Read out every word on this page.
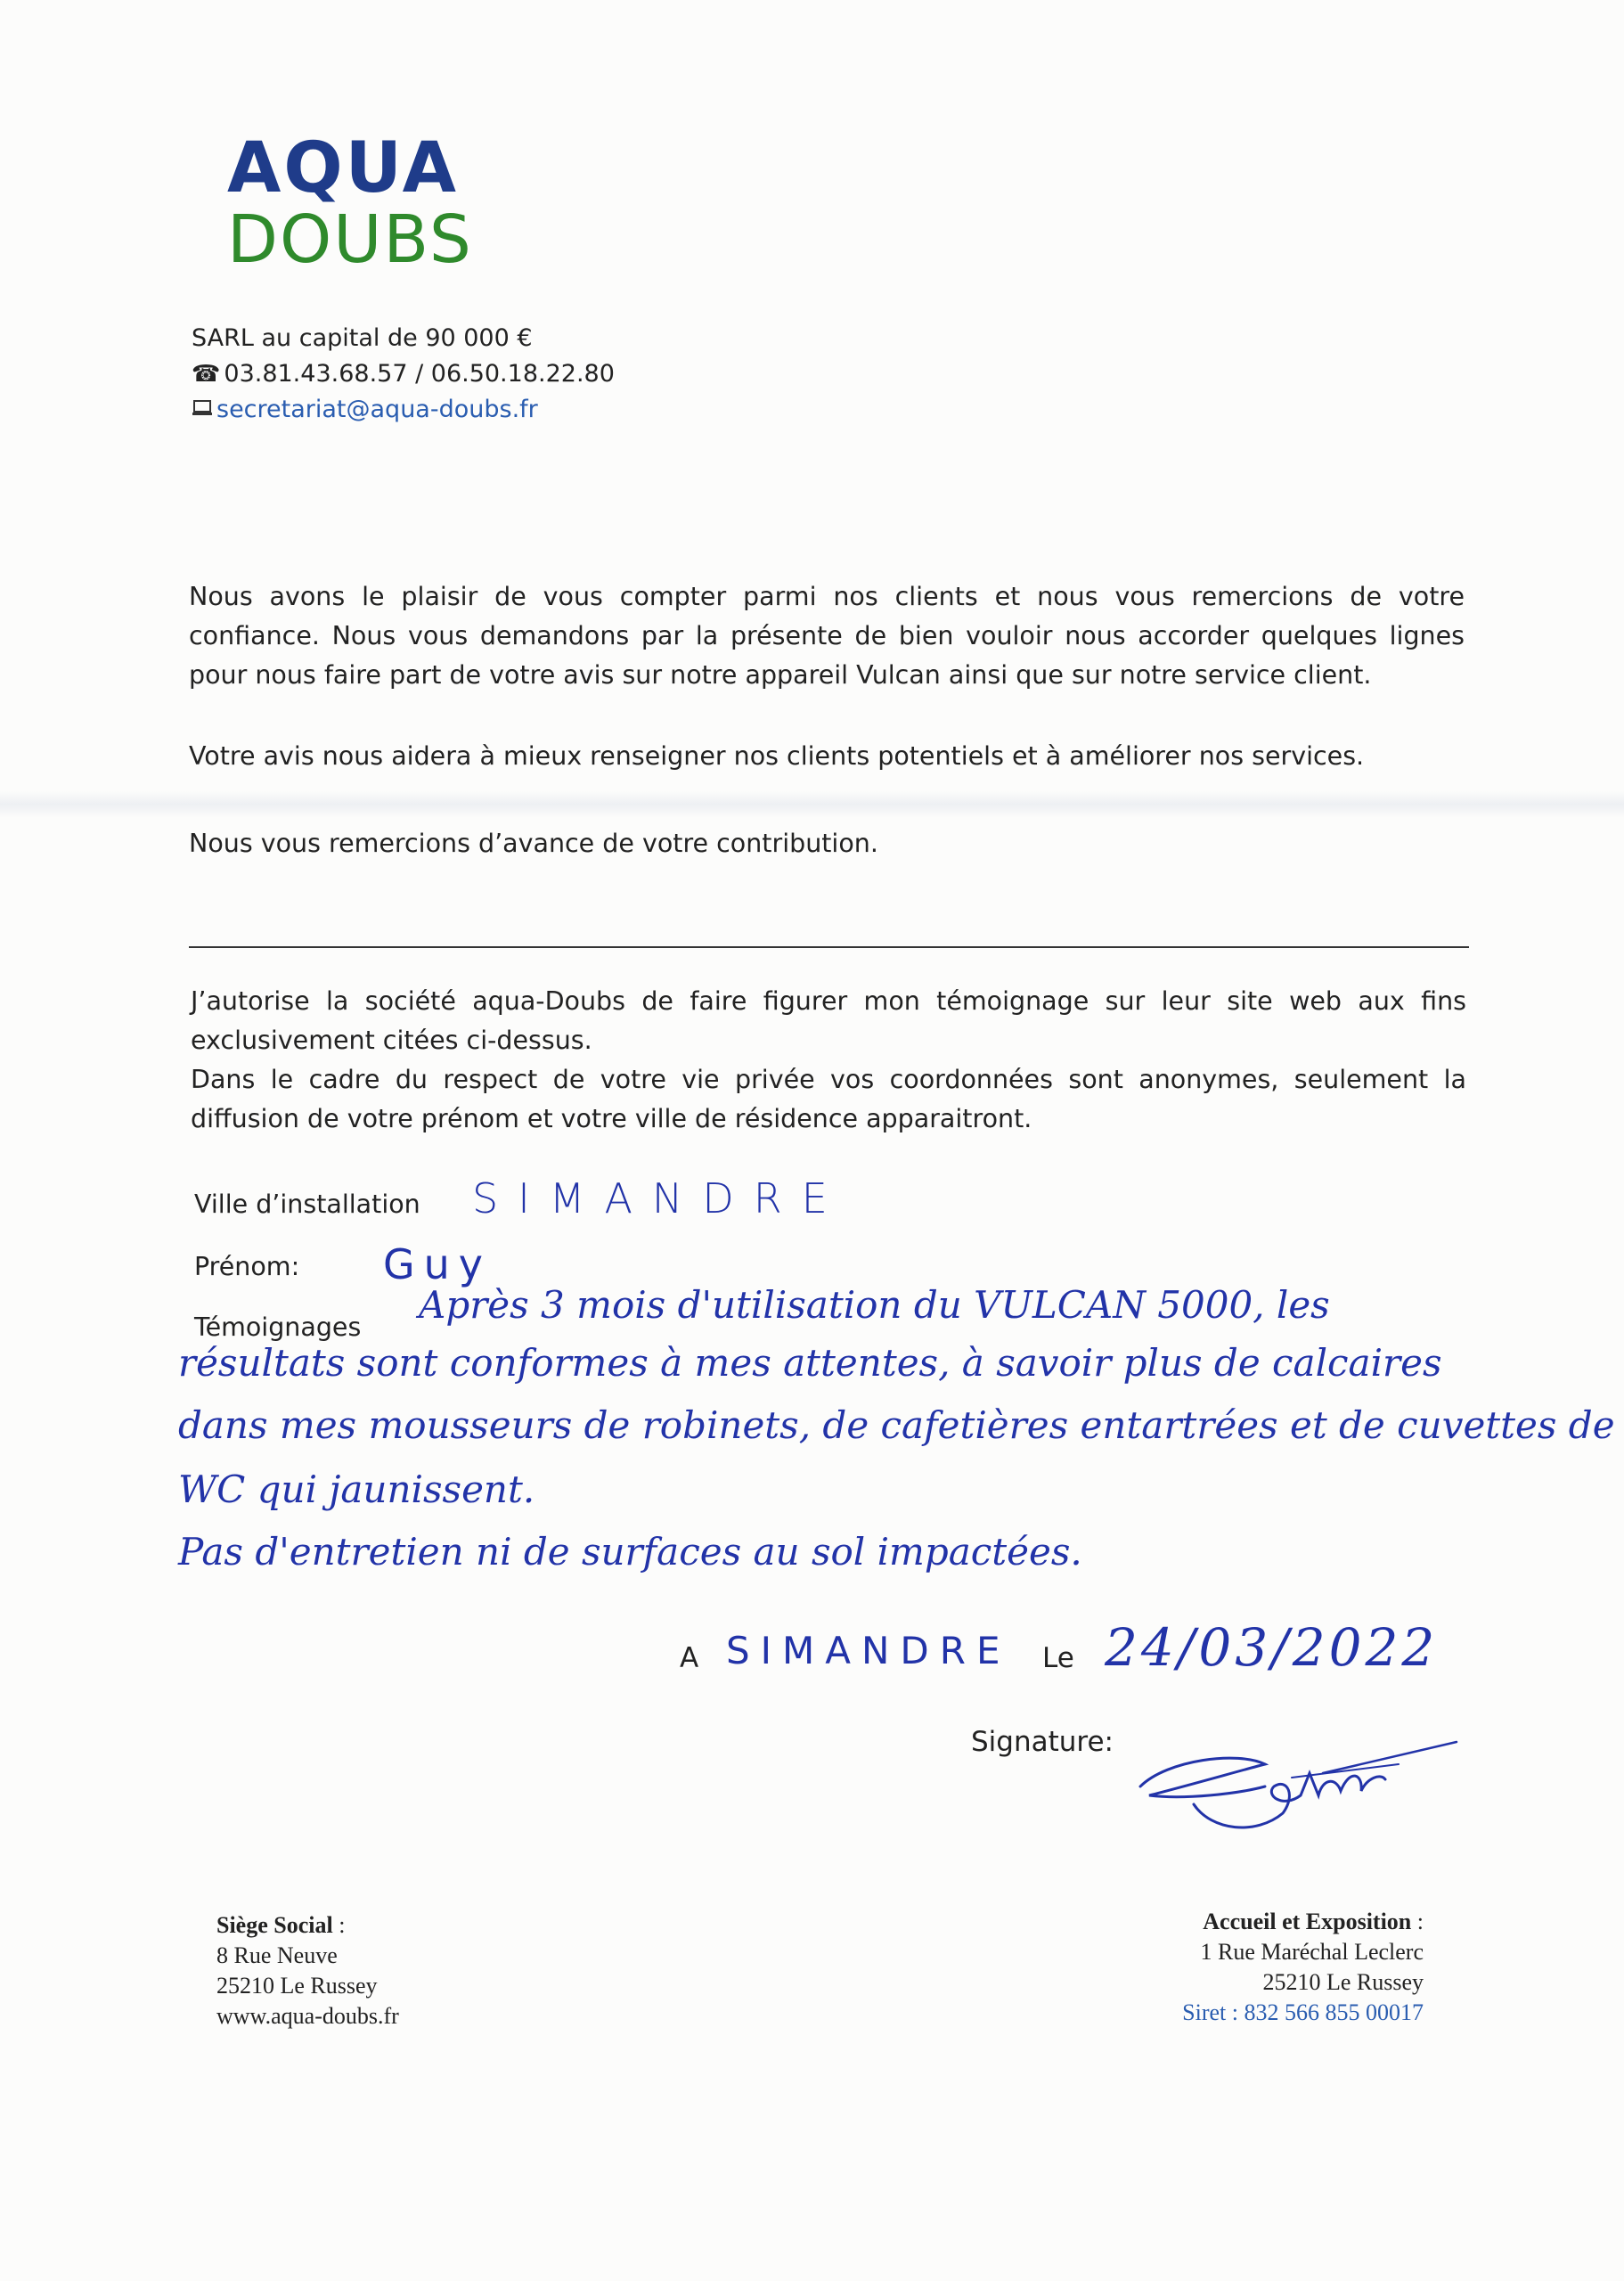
AQUA
DOUBS
SARL au capital de 90 000 €
☎ 03.81.43.68.57 / 06.50.18.22.80
secretariat@aqua-doubs.fr
Nous avons le plaisir de vous compter parmi nos clients et nous vous remercions de votre confiance. Nous vous demandons par la présente de bien vouloir nous accorder quelques lignes pour nous faire part de votre avis sur notre appareil Vulcan ainsi que sur notre service client.
Votre avis nous aidera à mieux renseigner nos clients potentiels et à améliorer nos services.
Nous vous remercions d’avance de votre contribution.
J’autorise la société aqua-Doubs de faire figurer mon témoignage sur leur site web aux fins exclusivement citées ci-dessus.
Dans le cadre du respect de votre vie privée vos coordonnées sont anonymes, seulement la diffusion de votre prénom et votre ville de résidence apparaitront.
Ville d’installation SIMANDRE
Prénom: Guy
Témoignages
Après 3 mois d'utilisation du VULCAN 5000, les
résultats sont conformes à mes attentes, à savoir plus de calcaires
dans mes mousseurs de robinets, de cafetières entartrées et de cuvettes de
WC qui jaunissent.
Pas d'entretien ni de surfaces au sol impactées.
A SIMANDRE Le 24/03/2022
Signature:
Siège Social :
8 Rue Neuve
25210 Le Russey
www.aqua-doubs.fr
Accueil et Exposition :
1 Rue Maréchal Leclerc
25210 Le Russey
Siret : 832 566 855 00017
